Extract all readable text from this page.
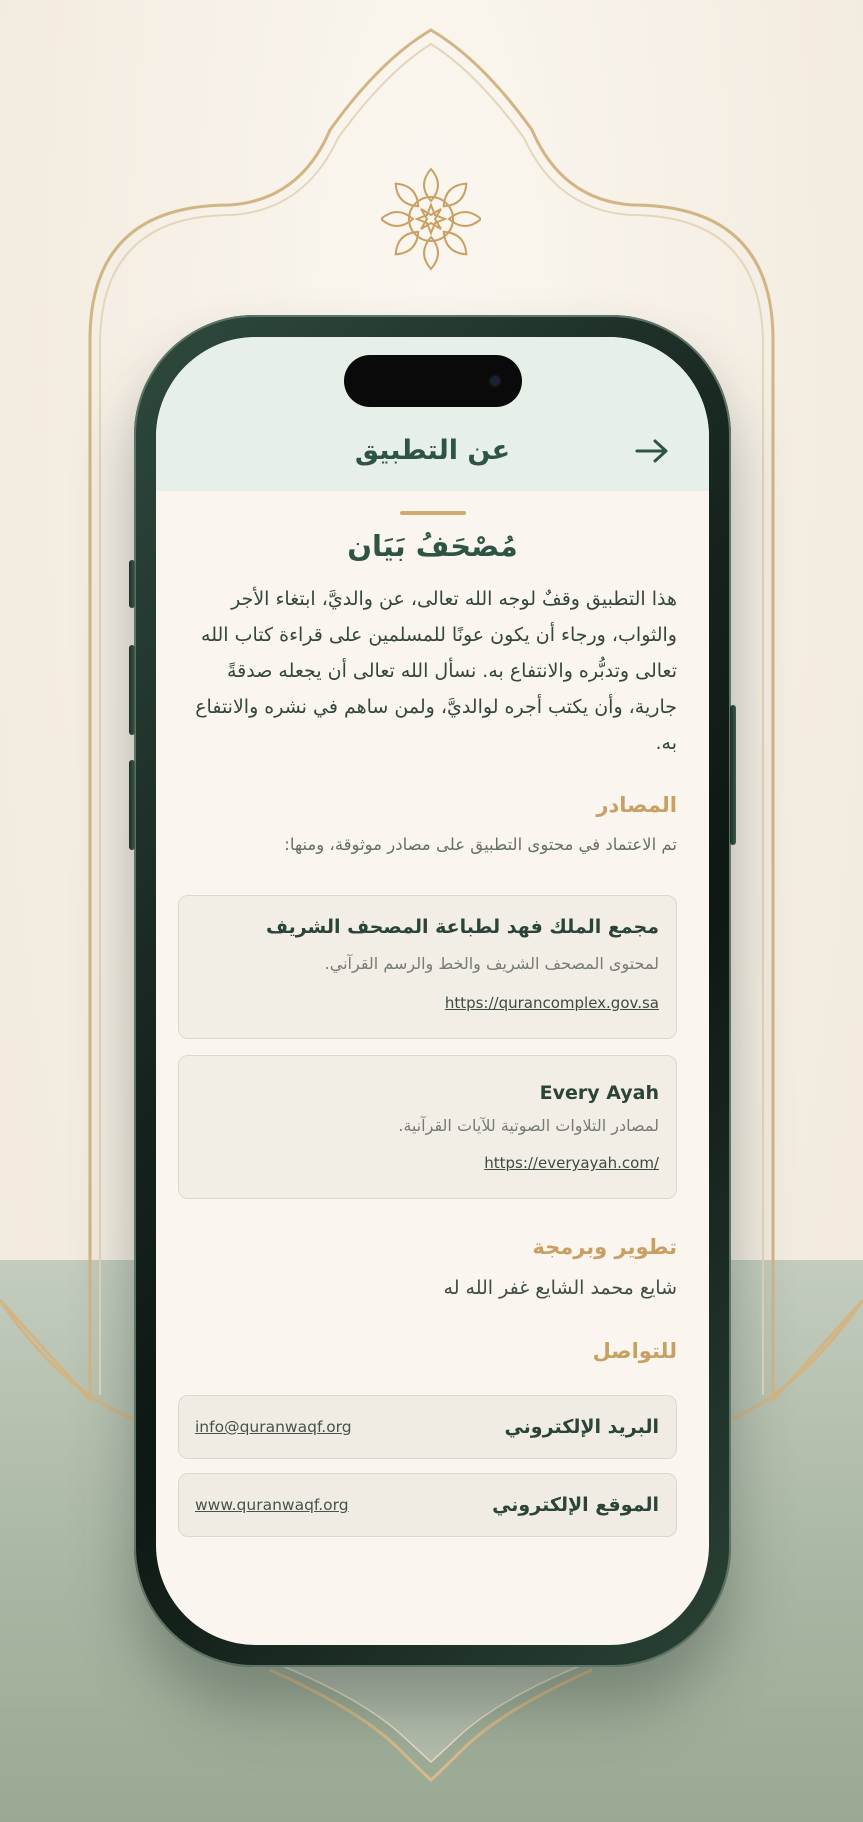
عن التطبيق
مُصْحَفُ بَيَان

هذا التطبيق وقفٌ لوجه الله تعالى، عن والديَّ، ابتغاء الأجر والثواب، ورجاء أن يكون عونًا للمسلمين على قراءة كتاب الله تعالى وتدبُّره والانتفاع به. نسأل الله تعالى أن يجعله صدقةً جارية، وأن يكتب أجره لوالديَّ، ولمن ساهم في نشره والانتفاع به.

المصادر
تم الاعتماد في محتوى التطبيق على مصادر موثوقة، ومنها:
مجمع الملك فهد لطباعة المصحف الشريف
لمحتوى المصحف الشريف والخط والرسم القرآني.
https://qurancomplex.gov.sa
Every Ayah
لمصادر التلاوات الصوتية للآيات القرآنية.
https://everyayah.com/
تطوير وبرمجة
شايع محمد الشايع غفر الله له
للتواصل
البريد الإلكتروني
info@quranwaqf.org
الموقع الإلكتروني
www.quranwaqf.org
